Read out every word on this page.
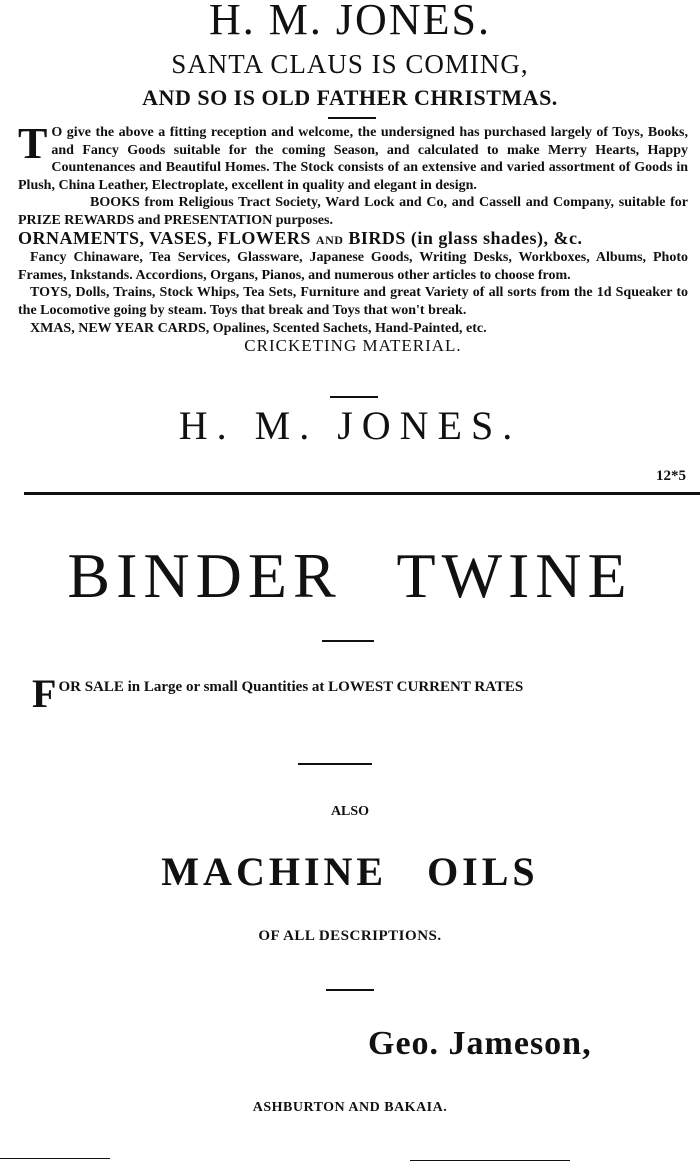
H. M. JONES.
SANTA CLAUS IS COMING,
AND SO IS OLD FATHER CHRISTMAS.

T O give the above a fitting reception and welcome, the undersigned has purchased largely of Toys, Books, and Fancy Goods suitable for the coming Season, and calculated to make Merry Hearts, Happy Countenances and Beautiful Homes. The Stock consists of an extensive and varied assortment of Goods in Plush, China Leather, Electroplate, excellent in quality and elegant in design.

BOOKS from Religious Tract Society, Ward Lock and Co, and Cassell and Company, suitable for PRIZE REWARDS and PRESENTATION purposes.

ORNAMENTS, VASES, FLOWERS AND BIRDS (in glass shades), &c.

Fancy Chinaware, Tea Services, Glassware, Japanese Goods, Writing Desks, Workboxes, Albums, Photo Frames, Inkstands. Accordions, Organs, Pianos, and numerous other articles to choose from.

TOYS, Dolls, Trains, Stock Whips, Tea Sets, Furniture and great Variety of all sorts from the 1d Squeaker to the Locomotive going by steam. Toys that break and Toys that won't break.

XMAS, NEW YEAR CARDS, Opalines, Scented Sachets, Hand-Painted, etc.

CRICKETING MATERIAL.

H. M. JONES.
12*5
BINDER TWINE
FOR SALE in Large or small Quantities at LOWEST CURRENT RATES
ALSO
MACHINE OILS
OF ALL DESCRIPTIONS.
Geo. Jameson,
ASHBURTON AND BAKAIA.
